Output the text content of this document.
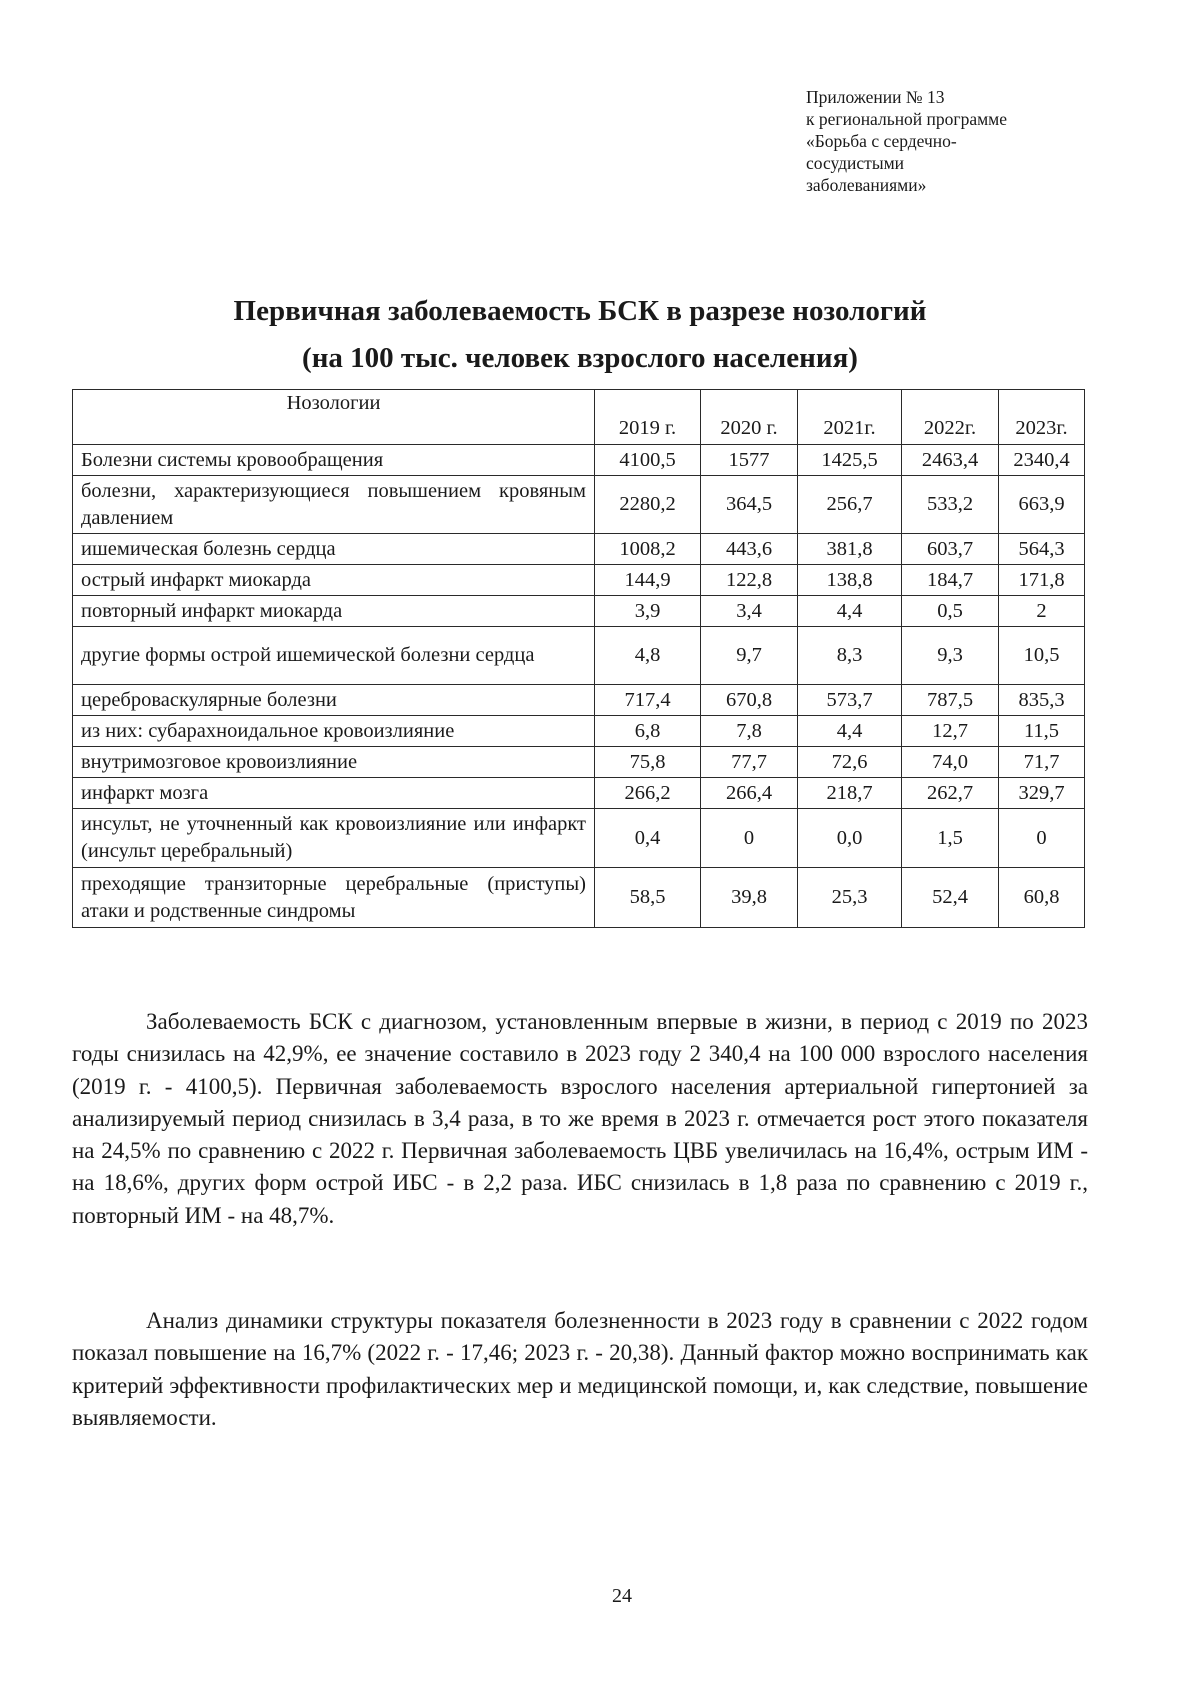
Приложении № 13
к региональной программе
«Борьба с сердечно-
сосудистыми
заболеваниями»
Первичная заболеваемость БСК в разрезе нозологий
(на 100 тыс. человек взрослого населения)
Нозологии	2019 г.	2020 г.	2021г.	2022г.	2023г.
Болезни системы кровообращения	4100,5	1577	1425,5	2463,4	2340,4
болезни, характеризующиеся повышением кровяным давлением	2280,2	364,5	256,7	533,2	663,9
ишемическая болезнь сердца	1008,2	443,6	381,8	603,7	564,3
острый инфаркт миокарда	144,9	122,8	138,8	184,7	171,8
повторный инфаркт миокарда	3,9	3,4	4,4	0,5	2
другие формы острой ишемической болезни сердца	4,8	9,7	8,3	9,3	10,5
цереброваскулярные болезни	717,4	670,8	573,7	787,5	835,3
из них: субарахноидальное кровоизлияние	6,8	7,8	4,4	12,7	11,5
внутримозговое кровоизлияние	75,8	77,7	72,6	74,0	71,7
инфаркт мозга	266,2	266,4	218,7	262,7	329,7
инсульт, не уточненный как кровоизлияние или инфаркт (инсульт церебральный)	0,4	0	0,0	1,5	0
преходящие транзиторные церебральные (приступы) атаки и родственные синдромы	58,5	39,8	25,3	52,4	60,8

Заболеваемость БСК с диагнозом, установленным впервые в жизни, в период с 2019 по 2023 годы снизилась на 42,9%, ее значение составило в 2023 году 2 340,4 на 100 000 взрослого населения (2019 г. - 4100,5). Первичная заболеваемость взрослого населения артериальной гипертонией за анализируемый период снизилась в 3,4 раза, в то же время в 2023 г. отмечается рост этого показателя на 24,5% по сравнению с 2022 г. Первичная заболеваемость ЦВБ увеличилась на 16,4%, острым ИМ - на 18,6%, других форм острой ИБС - в 2,2 раза. ИБС снизилась в 1,8 раза по сравнению с 2019 г., повторный ИМ - на 48,7%.

Анализ динамики структуры показателя болезненности в 2023 году в сравнении с 2022 годом показал повышение на 16,7% (2022 г. - 17,46; 2023 г. - 20,38). Данный фактор можно воспринимать как критерий эффективности профилактических мер и медицинской помощи, и, как следствие, повышение выявляемости.

24
